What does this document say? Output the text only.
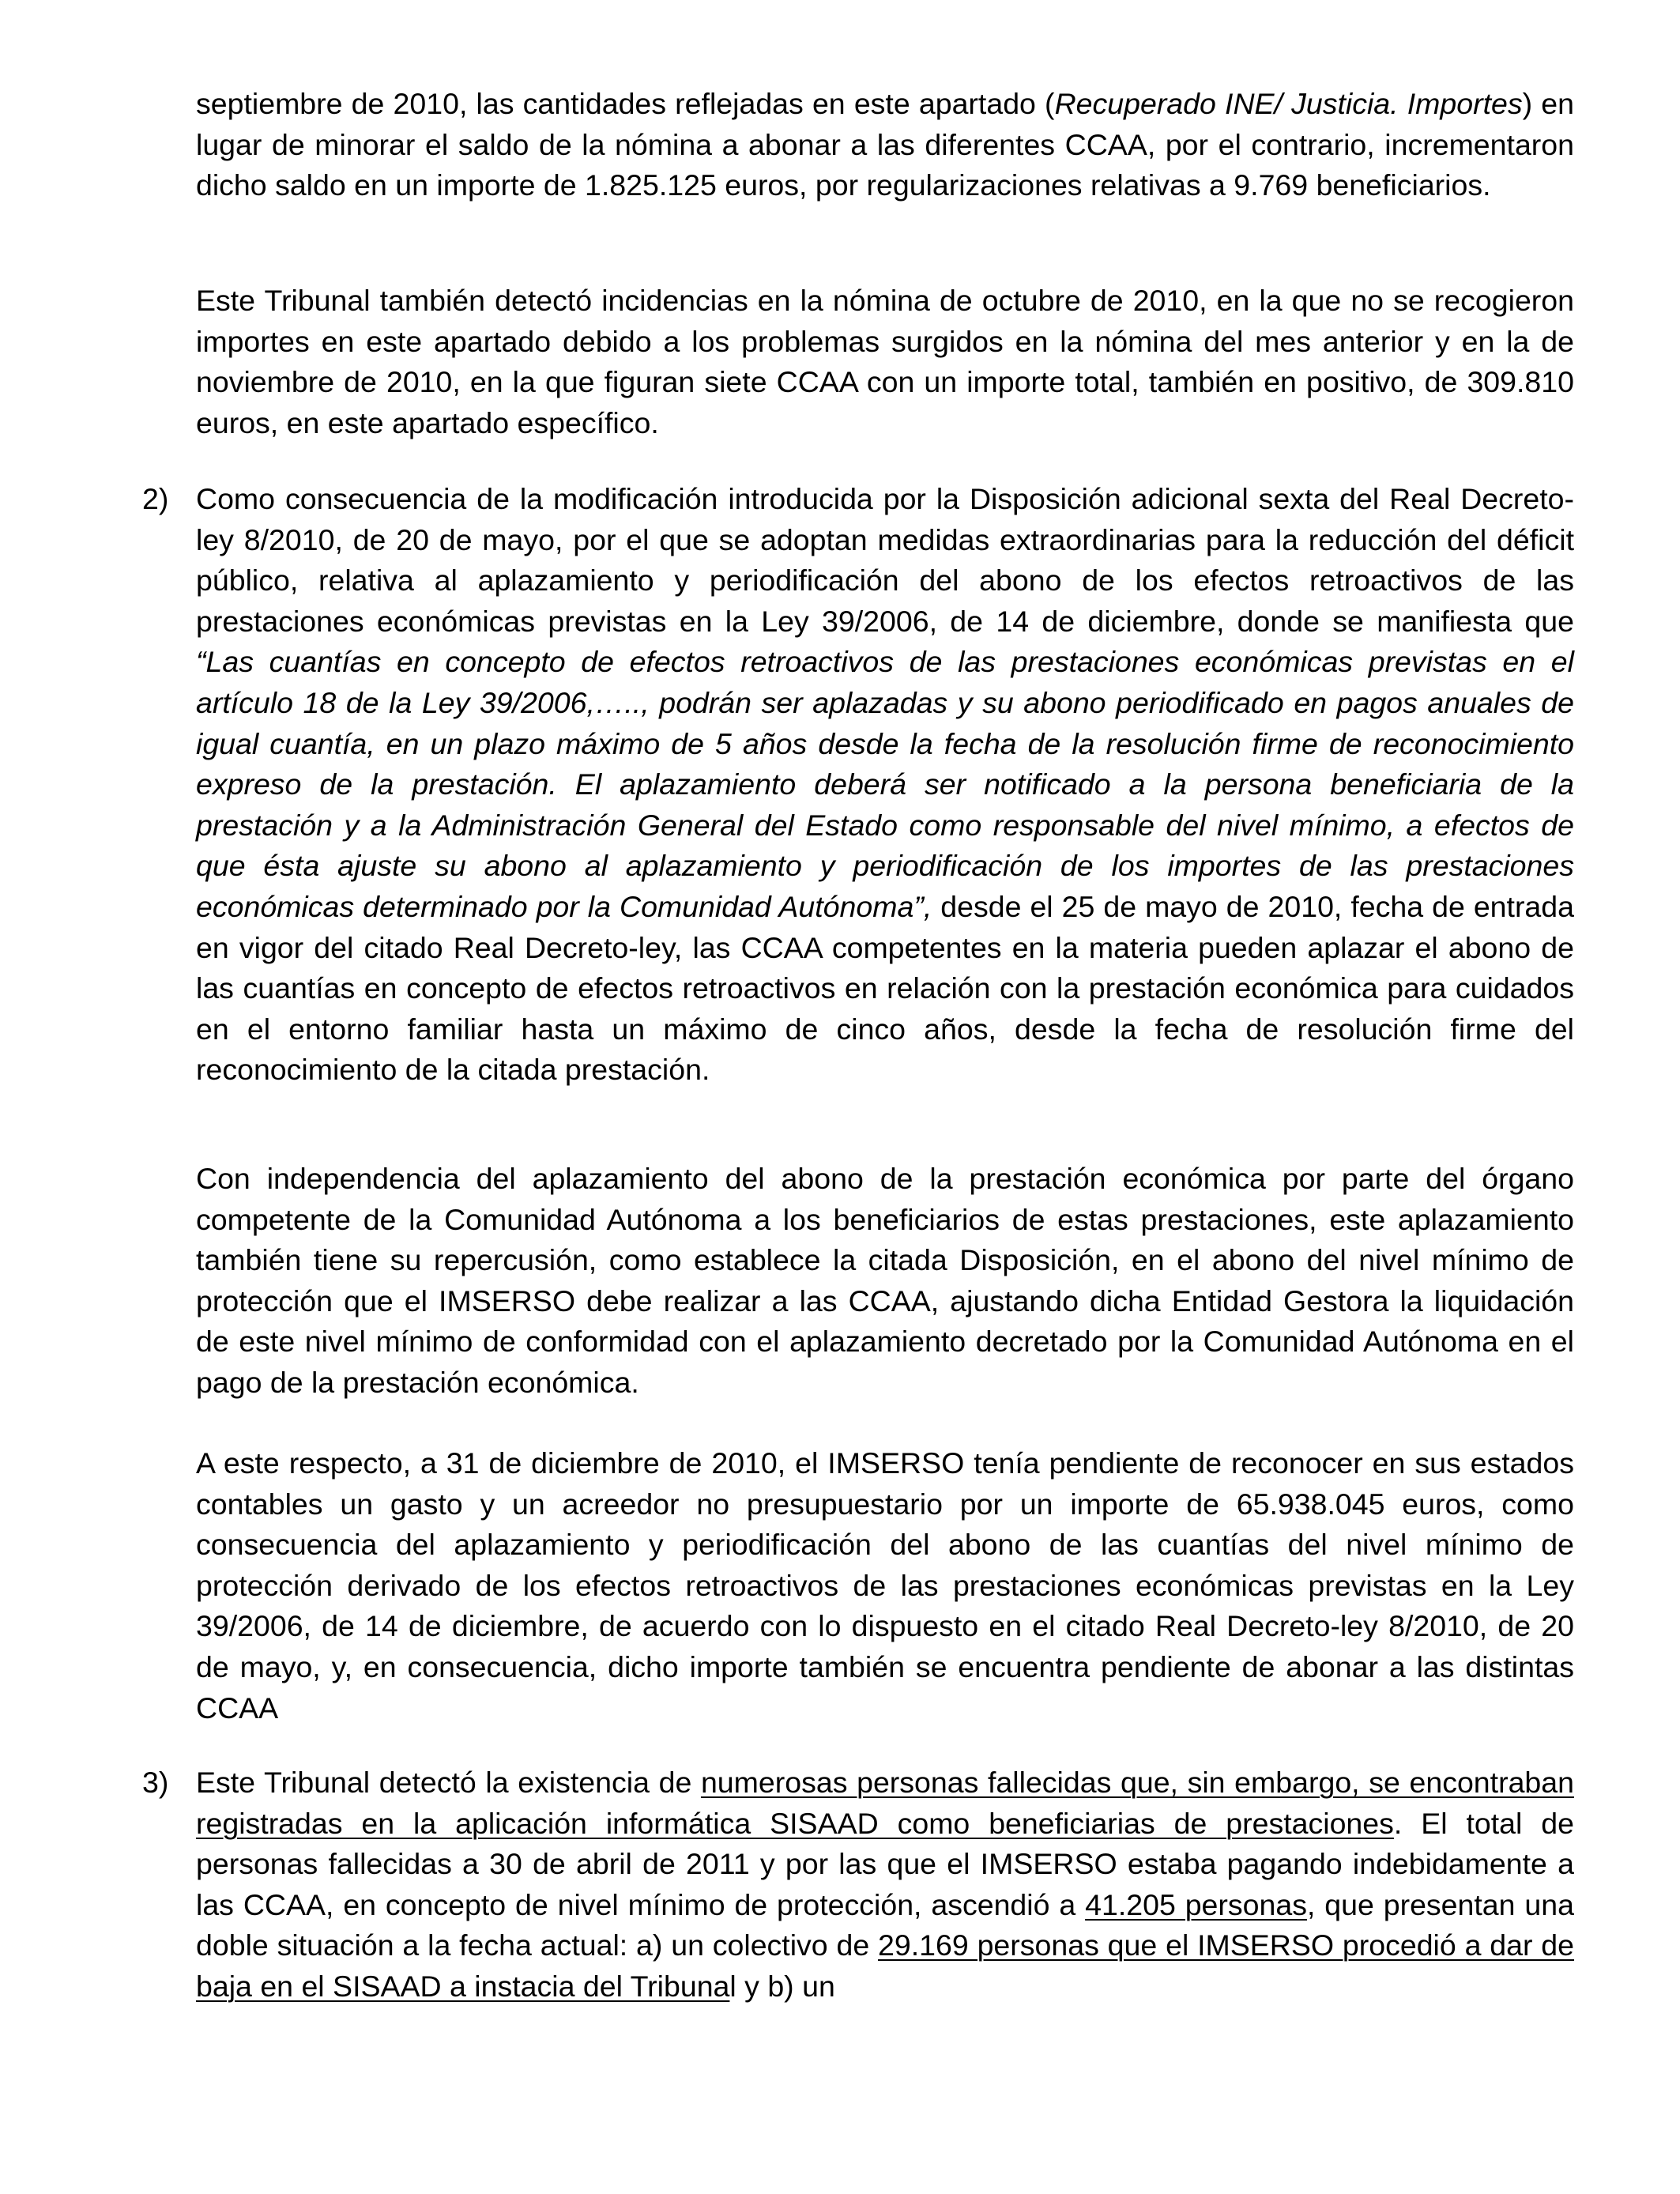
septiembre de 2010, las cantidades reflejadas en este apartado (Recuperado INE/ Justicia. Importes) en lugar de minorar el saldo de la nómina a abonar a las diferentes CCAA, por el contrario, incrementaron dicho saldo en un importe de 1.825.125 euros, por regularizaciones relativas a 9.769 beneficiarios.

Este Tribunal también detectó incidencias en la nómina de octubre de 2010, en la que no se recogieron importes en este apartado debido a los problemas surgidos en la nómina del mes anterior y en la de noviembre de 2010, en la que figuran siete CCAA con un importe total, también en positivo, de 309.810 euros, en este apartado específico.

2) Como consecuencia de la modificación introducida por la Disposición adicional sexta del Real Decreto-ley 8/2010, de 20 de mayo, por el que se adoptan medidas extraordinarias para la reducción del déficit público, relativa al aplazamiento y periodificación del abono de los efectos retroactivos de las prestaciones económicas previstas en la Ley 39/2006, de 14 de diciembre, donde se manifiesta que “Las cuantías en concepto de efectos retroactivos de las prestaciones económicas previstas en el artículo 18 de la Ley 39/2006,….., podrán ser aplazadas y su abono periodificado en pagos anuales de igual cuantía, en un plazo máximo de 5 años desde la fecha de la resolución firme de reconocimiento expreso de la prestación. El aplazamiento deberá ser notificado a la persona beneficiaria de la prestación y a la Administración General del Estado como responsable del nivel mínimo, a efectos de que ésta ajuste su abono al aplazamiento y periodificación de los importes de las prestaciones económicas determinado por la Comunidad Autónoma”, desde el 25 de mayo de 2010, fecha de entrada en vigor del citado Real Decreto-ley, las CCAA competentes en la materia pueden aplazar el abono de las cuantías en concepto de efectos retroactivos en relación con la prestación económica para cuidados en el entorno familiar hasta un máximo de cinco años, desde la fecha de resolución firme del reconocimiento de la citada prestación.

Con independencia del aplazamiento del abono de la prestación económica por parte del órgano competente de la Comunidad Autónoma a los beneficiarios de estas prestaciones, este aplazamiento también tiene su repercusión, como establece la citada Disposición, en el abono del nivel mínimo de protección que el IMSERSO debe realizar a las CCAA, ajustando dicha Entidad Gestora la liquidación de este nivel mínimo de conformidad con el aplazamiento decretado por la Comunidad Autónoma en el pago de la prestación económica.

A este respecto, a 31 de diciembre de 2010, el IMSERSO tenía pendiente de reconocer en sus estados contables un gasto y un acreedor no presupuestario por un importe de 65.938.045 euros, como consecuencia del aplazamiento y periodificación del abono de las cuantías del nivel mínimo de protección derivado de los efectos retroactivos de las prestaciones económicas previstas en la Ley 39/2006, de 14 de diciembre, de acuerdo con lo dispuesto en el citado Real Decreto-ley 8/2010, de 20 de mayo, y, en consecuencia, dicho importe también se encuentra pendiente de abonar a las distintas CCAA

3) Este Tribunal detectó la existencia de numerosas personas fallecidas que, sin embargo, se encontraban registradas en la aplicación informática SISAAD como beneficiarias de prestaciones. El total de personas fallecidas a 30 de abril de 2011 y por las que el IMSERSO estaba pagando indebidamente a las CCAA, en concepto de nivel mínimo de protección, ascendió a 41.205 personas, que presentan una doble situación a la fecha actual: a) un colectivo de 29.169 personas que el IMSERSO procedió a dar de baja en el SISAAD a instacia del Tribunal y b) un
